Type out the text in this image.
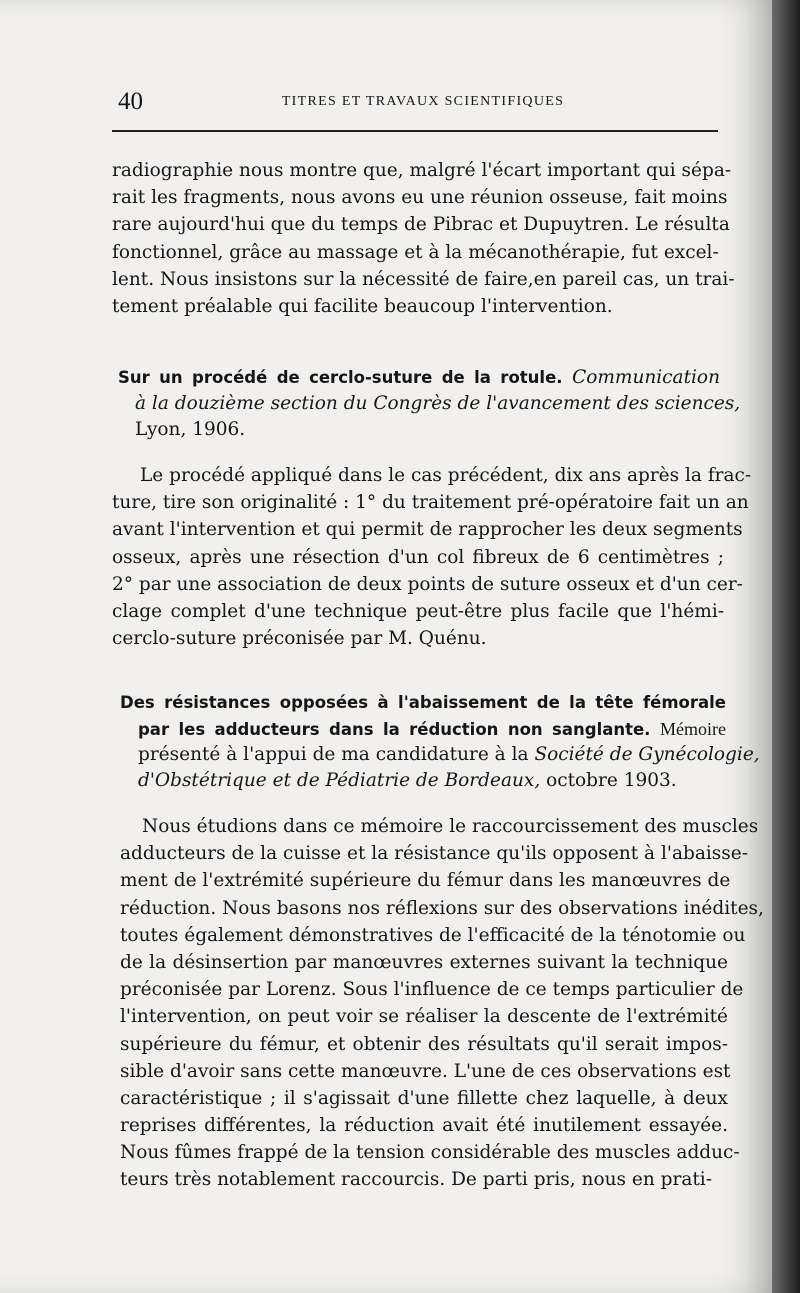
40	TITRES ET TRAVAUX SCIENTIFIQUES
radiographie nous montre que, malgré l'écart important qui sépa-
rait les fragments, nous avons eu une réunion osseuse, fait moins
rare aujourd'hui que du temps de Pibrac et Dupuytren. Le résulta
fonctionnel, grâce au massage et à la mécanothérapie, fut excel-
lent. Nous insistons sur la nécessité de faire,en pareil cas, un trai-
tement préalable qui facilite beaucoup l'intervention.
Sur un procédé de cerclo-suture de la rotule. Communication
à la douzième section du Congrès de l'avancement des sciences,
Lyon, 1906.
Le procédé appliqué dans le cas précédent, dix ans après la frac-
ture, tire son originalité : 1° du traitement pré-opératoire fait un an
avant l'intervention et qui permit de rapprocher les deux segments
osseux, après une résection d'un col fibreux de 6 centimètres ;
2° par une association de deux points de suture osseux et d'un cer-
clage complet d'une technique peut-être plus facile que l'hémi-
cerclo-suture préconisée par M. Quénu.
Des résistances opposées à l'abaissement de la tête fémorale
par les adducteurs dans la réduction non sanglante. Mémoire
présenté à l'appui de ma candidature à la Société de Gynécologie,
d'Obstétrique et de Pédiatrie de Bordeaux, octobre 1903.
Nous étudions dans ce mémoire le raccourcissement des muscles
adducteurs de la cuisse et la résistance qu'ils opposent à l'abaisse-
ment de l'extrémité supérieure du fémur dans les manœuvres de
réduction. Nous basons nos réflexions sur des observations inédites,
toutes également démonstratives de l'efficacité de la ténotomie ou
de la désinsertion par manœuvres externes suivant la technique
préconisée par Lorenz. Sous l'influence de ce temps particulier de
l'intervention, on peut voir se réaliser la descente de l'extrémité
supérieure du fémur, et obtenir des résultats qu'il serait impos-
sible d'avoir sans cette manœuvre. L'une de ces observations est
caractéristique ; il s'agissait d'une fillette chez laquelle, à deux
reprises différentes, la réduction avait été inutilement essayée.
Nous fûmes frappé de la tension considérable des muscles adduc-
teurs très notablement raccourcis. De parti pris, nous en prati-
